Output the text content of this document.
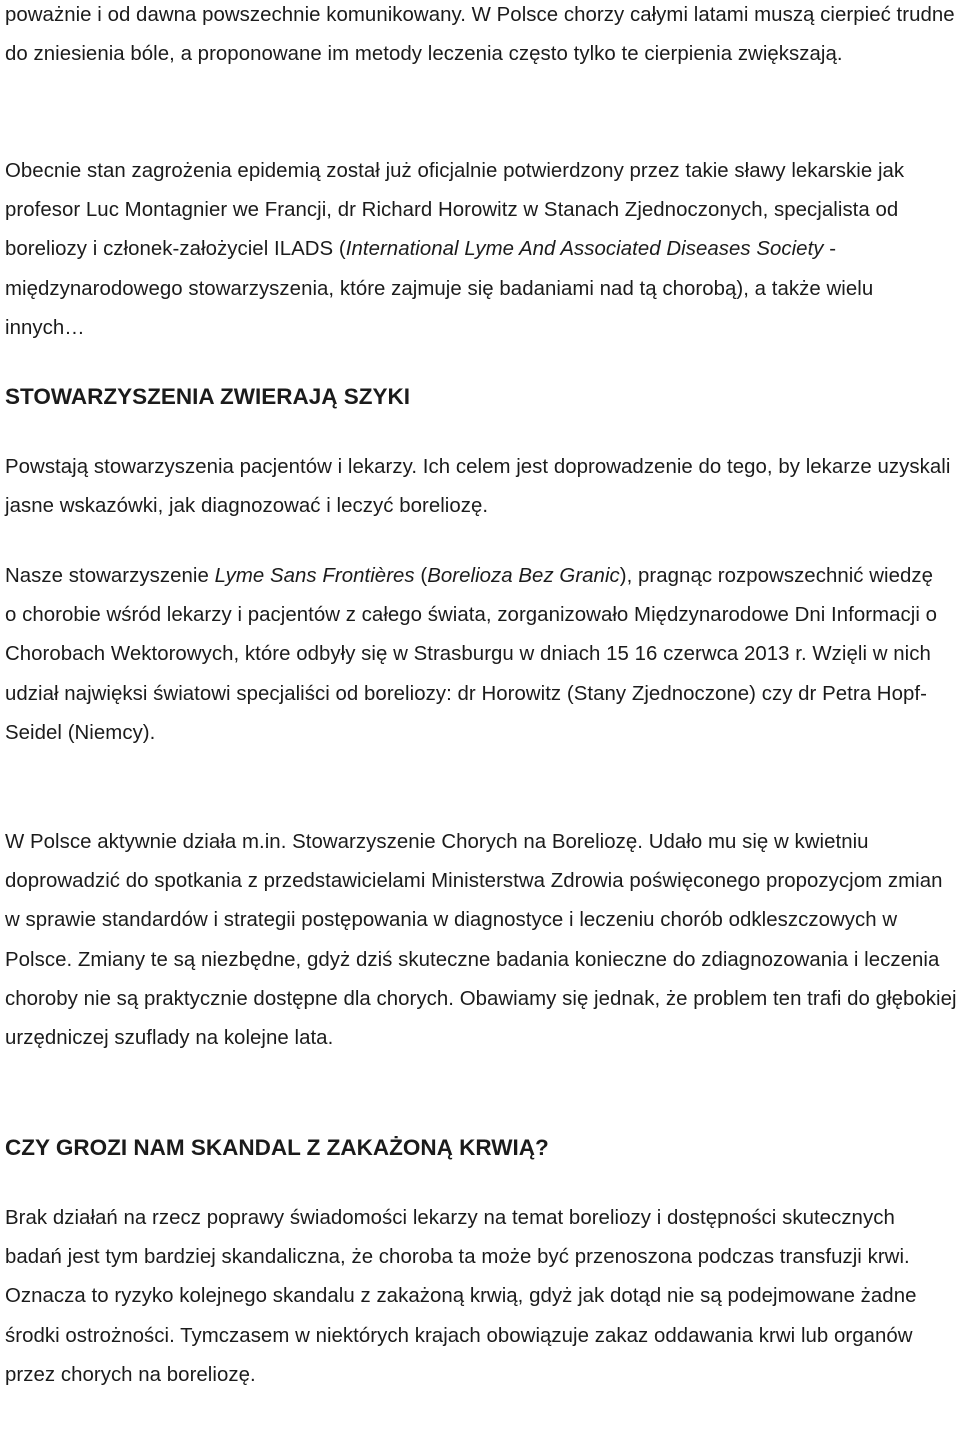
poważnie i od dawna powszechnie komunikowany. W Polsce chorzy całymi latami muszą cierpieć trudne do zniesienia bóle, a proponowane im metody leczenia często tylko te cierpienia zwiększają.

Obecnie stan zagrożenia epidemią został już oficjalnie potwierdzony przez takie sławy lekarskie jak profesor Luc Montagnier we Francji, dr Richard Horowitz w Stanach Zjednoczonych, specjalista od boreliozy i członek-założyciel ILADS (International Lyme And Associated Diseases Society - międzynarodowego stowarzyszenia, które zajmuje się badaniami nad tą chorobą), a także wielu innych…

STOWARZYSZENIA ZWIERAJĄ SZYKI

Powstają stowarzyszenia pacjentów i lekarzy. Ich celem jest doprowadzenie do tego, by lekarze uzyskali jasne wskazówki, jak diagnozować i leczyć boreliozę.

Nasze stowarzyszenie Lyme Sans Frontières (Borelioza Bez Granic), pragnąc rozpowszechnić wiedzę o chorobie wśród lekarzy i pacjentów z całego świata, zorganizowało Międzynarodowe Dni Informacji o Chorobach Wektorowych, które odbyły się w Strasburgu w dniach 15 16 czerwca 2013 r. Wzięli w nich udział najwięksi światowi specjaliści od boreliozy: dr Horowitz (Stany Zjednoczone) czy dr Petra Hopf-Seidel (Niemcy).

W Polsce aktywnie działa m.in. Stowarzyszenie Chorych na Boreliozę. Udało mu się w kwietniu doprowadzić do spotkania z przedstawicielami Ministerstwa Zdrowia poświęconego propozycjom zmian w sprawie standardów i strategii postępowania w diagnostyce i leczeniu chorób odkleszczowych w Polsce. Zmiany te są niezbędne, gdyż dziś skuteczne badania konieczne do zdiagnozowania i leczenia choroby nie są praktycznie dostępne dla chorych. Obawiamy się jednak, że problem ten trafi do głębokiej urzędniczej szuflady na kolejne lata.

CZY GROZI NAM SKANDAL Z ZAKAŻONĄ KRWIĄ?

Brak działań na rzecz poprawy świadomości lekarzy na temat boreliozy i dostępności skutecznych badań jest tym bardziej skandaliczna, że choroba ta może być przenoszona podczas transfuzji krwi. Oznacza to ryzyko kolejnego skandalu z zakażoną krwią, gdyż jak dotąd nie są podejmowane żadne środki ostrożności. Tymczasem w niektórych krajach obowiązuje zakaz oddawania krwi lub organów przez chorych na boreliozę.
